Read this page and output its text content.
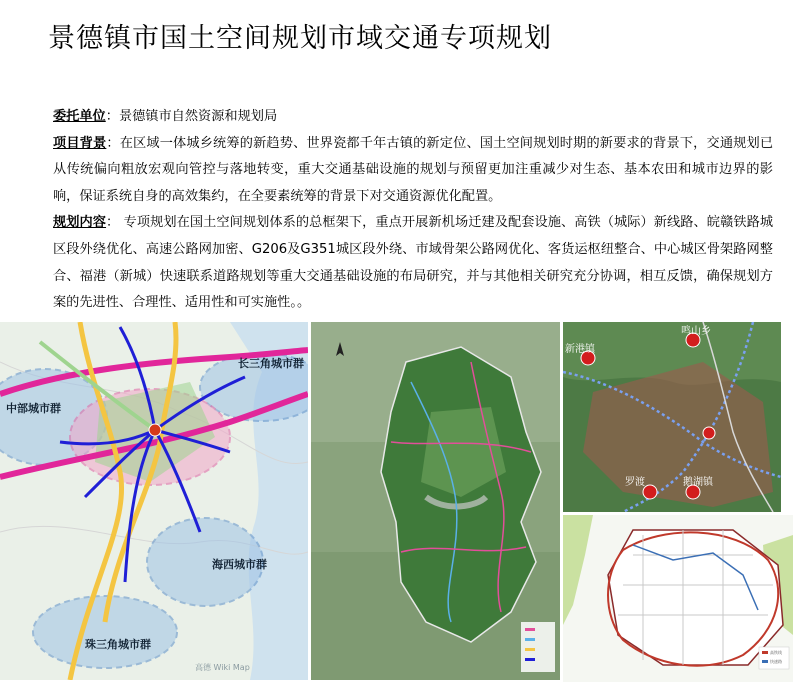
景德镇市国土空间规划市域交通专项规划

委托单位：景德镇市自然资源和规划局

项目背景：在区域一体城乡统筹的新趋势、世界瓷都千年古镇的新定位、国土空间规划时期的新要求的背景下，交通规划已从传统偏向粗放宏观向管控与落地转变，重大交通基础设施的规划与预留更加注重减少对生态、基本农田和城市边界的影响，保证系统自身的高效集约，在全要素统筹的背景下对交通资源优化配置。

规划内容： 专项规划在国土空间规划体系的总框架下，重点开展新机场迁建及配套设施、高铁（城际）新线路、皖赣铁路城区段外绕优化、高速公路网加密、G206及G351城区段外绕、市域骨架公路网优化、客货运枢纽整合、中心城区骨架路网整合、福港（新城）快速联系道路规划等重大交通基础设施的布局研究，并与其他相关研究充分协调，相互反馈，确保规划方案的先进性、合理性、适用性和可实施性。。

长三角城市群
中部城市群
海西城市群
珠三角城市群
高德 Wiki Map
鸣山乡
新港镇
罗渡	鹅湖镇
高铁线
快速路
